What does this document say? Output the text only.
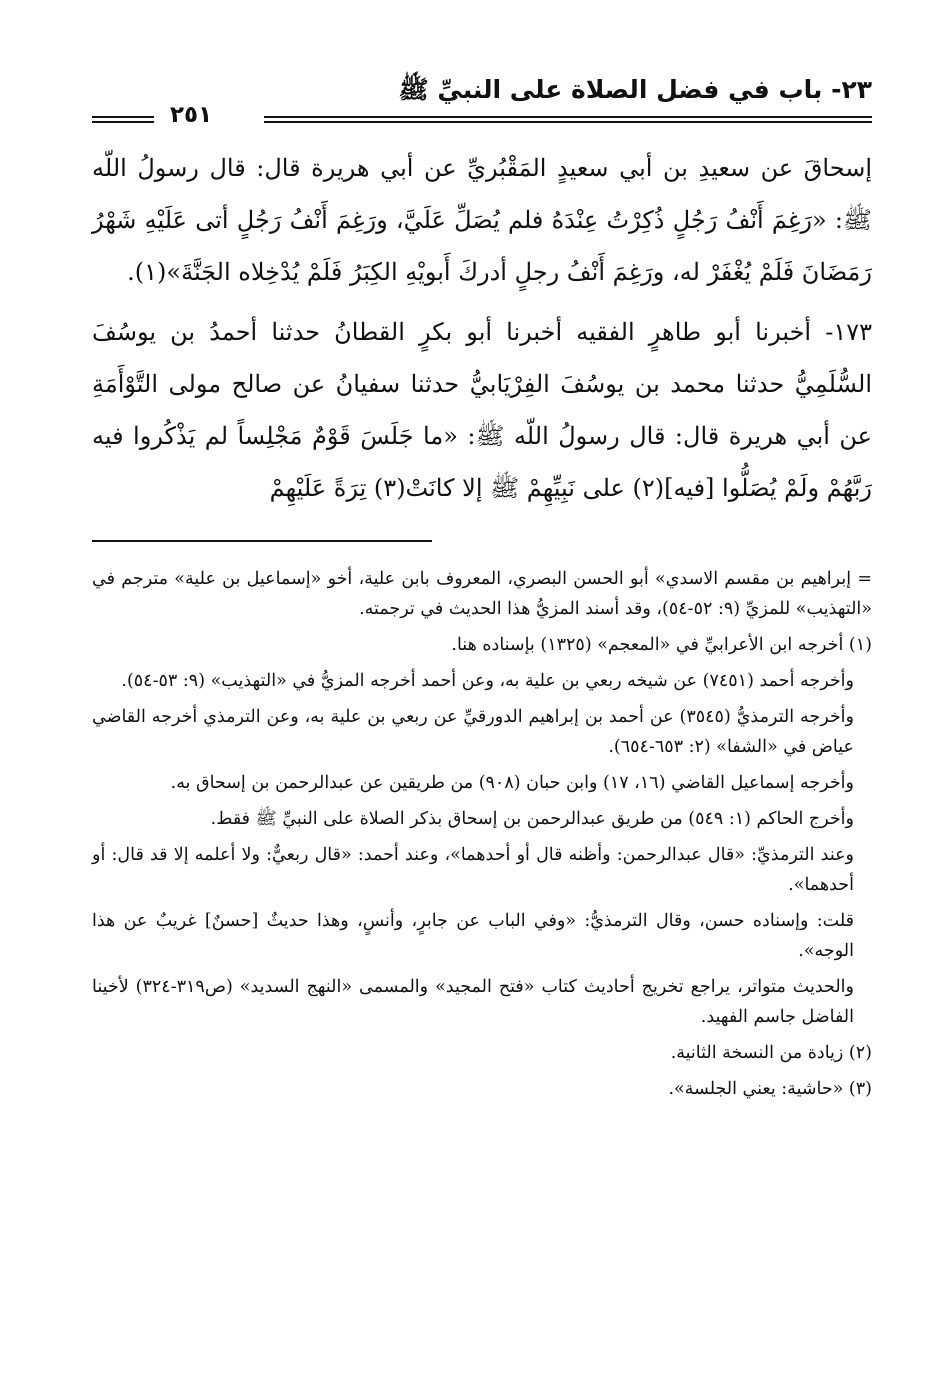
٢٣- باب في فضل الصلاة على النبيِّ ﷺ
٢٥١

إسحاقَ عن سعيدِ بن أبي سعيدٍ المَقْبُريِّ عن أبي هريرة قال: قال رسولُ اللّه ﷺ: «رَغِمَ أَنْفُ رَجُلٍ ذُكِرْتُ عِنْدَهُ فلم يُصَلِّ عَلَيَّ، ورَغِمَ أَنْفُ رَجُلٍ أتى عَلَيْهِ شَهْرُ رَمَضَانَ فَلَمْ يُغْفَرْ له، ورَغِمَ أَنْفُ رجلٍ أدركَ أَبويْهِ الكِبَرُ فَلَمْ يُدْخِلاه الجَنَّةَ»(١).

١٧٣- أخبرنا أبو طاهرٍ الفقيه أخبرنا أبو بكرٍ القطانُ حدثنا أحمدُ بن يوسُفَ السُّلَمِيُّ حدثنا محمد بن يوسُفَ الفِرْيَابيُّ حدثنا سفيانُ عن صالح مولى التَّوْأَمَةِ عن أبي هريرة قال: قال رسولُ اللّه ﷺ: «ما جَلَسَ قَوْمٌ مَجْلِساً لم يَذْكُروا فيه رَبَّهُمْ ولَمْ يُصَلُّوا [فيه](٢) على نَبِيِّهِمْ ﷺ إلا كانَتْ(٣) تِرَةً عَلَيْهِمْ

= إبراهيم بن مقسم الاسدي» أبو الحسن البصري، المعروف بابن علية، أخو «إسماعيل بن علية» مترجم في «التهذيب» للمزيِّ (٩: ٥٢-٥٤)، وقد أسند المزيُّ هذا الحديث في ترجمته.
(١) أخرجه ابن الأعرابيِّ في «المعجم» (١٣٢٥) بإسناده هنا.
وأخرجه أحمد (٧٤٥١) عن شيخه ربعي بن علية به، وعن أحمد أخرجه المزيُّ في «التهذيب» (٩: ٥٣-٥٤).
وأخرجه الترمذيُّ (٣٥٤٥) عن أحمد بن إبراهيم الدورقيِّ عن ربعي بن علية به، وعن الترمذي أخرجه القاضي عياض في «الشفا» (٢: ٦٥٣-٦٥٤).
وأخرجه إسماعيل القاضي (١٦، ١٧) وابن حبان (٩٠٨) من طريقين عن عبدالرحمن بن إسحاق به.
وأخرج الحاكم (١: ٥٤٩) من طريق عبدالرحمن بن إسحاق بذكر الصلاة على النبيِّ ﷺ فقط.
وعند الترمذيِّ: «قال عبدالرحمن: وأظنه قال أو أحدهما»، وعند أحمد: «قال ربعيٌّ: ولا أعلمه إلا قد قال: أو أحدهما».
قلت: وإسناده حسن، وقال الترمذيُّ: «وفي الباب عن جابرٍ، وأنسٍ، وهذا حديثٌ [حسنٌ] غريبٌ عن هذا الوجه».
والحديث متواتر، يراجع تخريج أحاديث كتاب «فتح المجيد» والمسمى «النهج السديد» (ص٣١٩-٣٢٤) لأخينا الفاضل جاسم الفهيد.
(٢) زيادة من النسخة الثانية.
(٣) «حاشية: يعني الجلسة».
